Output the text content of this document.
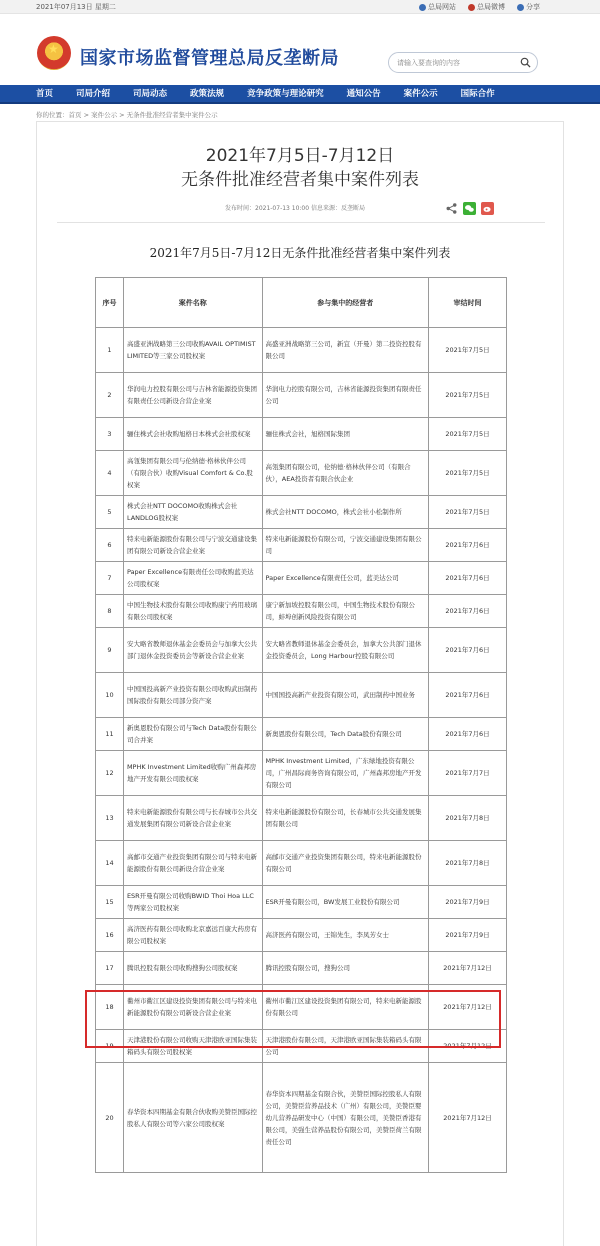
2021年07月13日 星期二	总局网站	总局微博	分享
★ 国家市场监督管理总局反垄断局	请输入要查询的内容
首页	司局介绍	司局动态	政策法规	竞争政策与理论研究	通知公告	案件公示	国际合作
你的位置：首页 > 案件公示 > 无条件批准经营者集中案件公示
2021年7月5日-7月12日
无条件批准经营者集中案件列表
发布时间：2021-07-13 10:00 信息来源：反垄断局
2021年7月5日-7月12日无条件批准经营者集中案件列表
序号	案件名称	参与集中的经营者	审结时间
1	高盛亚洲战略第三公司收购AVAIL OPTIMIST LIMITED等三家公司股权案	高盛亚洲战略第三公司，新宜（开曼）第二投资控股有限公司	2021年7月5日
2	华润电力控股有限公司与吉林省能源投资集团有限责任公司新设合营企业案	华润电力控股有限公司，吉林省能源投资集团有限责任公司	2021年7月5日
3	骊住株式会社收购旭格日本株式会社股权案	骊住株式会社，旭格国际集团	2021年7月5日
4	高瓴集团有限公司与伦纳德·格林伙伴公司（有限合伙）收购Visual Comfort & Co.股权案	高瓴集团有限公司，伦纳德·格林伙伴公司（有限合伙），AEA投资者有限合伙企业	2021年7月5日
5	株式会社NTT DOCOMO收购株式会社LANDLOG股权案	株式会社NTT DOCOMO，株式会社小松制作所	2021年7月5日
6	特来电新能源股份有限公司与宁波交通建设集团有限公司新设合营企业案	特来电新能源股份有限公司，宁波交通建设集团有限公司	2021年7月6日
7	Paper Excellence有限责任公司收购蓝美达公司股权案	Paper Excellence有限责任公司，蓝美达公司	2021年7月6日
8	中国生物技术股份有限公司收购康宁药用玻璃有限公司股权案	康宁新加坡控股有限公司，中国生物技术股份有限公司，蚌埠创新风险投资有限公司	2021年7月6日
9	安大略省教师退休基金会委员会与加拿大公共部门退休金投资委员会等新设合营企业案	安大略省教师退休基金会委员会，加拿大公共部门退休金投资委员会，Long Harbour控股有限公司	2021年7月6日
10	中国国投高新产业投资有限公司收购武田制药国际股份有限公司部分资产案	中国国投高新产业投资有限公司，武田制药中国业务	2021年7月6日
11	新奥恩股份有限公司与Tech Data股份有限公司合并案	新奥恩股份有限公司，Tech Data股份有限公司	2021年7月6日
12	MPHK Investment Limited收购广州森邦房地产开发有限公司股权案	MPHK Investment Limited，广东绿地投资有限公司，广州昌际商务咨询有限公司，广州森邦房地产开发有限公司	2021年7月7日
13	特来电新能源股份有限公司与长春城市公共交通发展集团有限公司新设合营企业案	特来电新能源股份有限公司，长春城市公共交通发展集团有限公司	2021年7月8日
14	高邮市交通产业投资集团有限公司与特来电新能源股份有限公司新设合营企业案	高邮市交通产业投资集团有限公司，特来电新能源股份有限公司	2021年7月8日
15	ESR开曼有限公司收购BWID Thoi Hoa LLC等两家公司股权案	ESR开曼有限公司，BW发展工业股份有限公司	2021年7月9日
16	高济医药有限公司收购北京嘉远百康大药房有限公司股权案	高济医药有限公司，王锦先生，李凤芳女士	2021年7月9日
17	腾讯控股有限公司收购搜狗公司股权案	腾讯控股有限公司，搜狗公司	2021年7月12日
18	衢州市衢江区建设投资集团有限公司与特来电新能源股份有限公司新设合营企业案	衢州市衢江区建设投资集团有限公司，特来电新能源股份有限公司	2021年7月12日
19	天津港股份有限公司收购天津港欧亚国际集装箱码头有限公司股权案	天津港股份有限公司，天津港欧亚国际集装箱码头有限公司	2021年7月12日
20	春华资本四期基金有限合伙收购美赞臣国际控股私人有限公司等六家公司股权案	春华资本四期基金有限合伙，美赞臣国际控股私人有限公司，美赞臣营养品技术（广州）有限公司，美赞臣婴幼儿营养品研发中心（中国）有限公司，美赞臣香港有限公司，美强生营养品股份有限公司，美赞臣荷兰有限责任公司	2021年7月12日
